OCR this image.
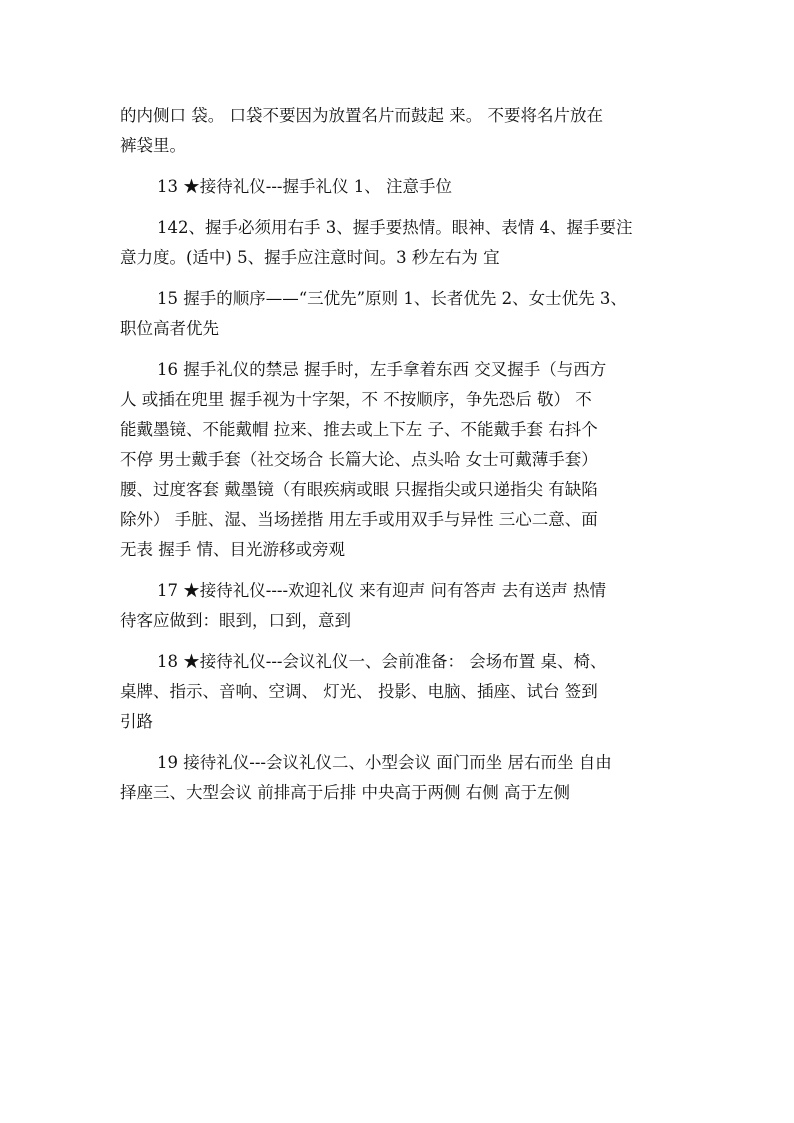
的内侧口 袋。 口袋不要因为放置名片而鼓起 来。 不要将名片放在
裤袋里。
13 ★接待礼仪---握手礼仪 1、 注意手位
142、握手必须用右手 3、握手要热情。眼神、表情 4、握手要注
意力度。(适中) 5、握手应注意时间。3 秒左右为 宜
15 握手的顺序——“三优先”原则 1、长者优先 2、女士优先 3、
职位高者优先
16 握手礼仪的禁忌 握手时，左手拿着东西 交叉握手（与西方
人 或插在兜里 握手视为十字架，不 不按顺序，争先恐后 敬） 不
能戴墨镜、不能戴帽 拉来、推去或上下左 子、不能戴手套 右抖个
不停 男士戴手套（社交场合 长篇大论、点头哈 女士可戴薄手套）
腰、过度客套 戴墨镜（有眼疾病或眼 只握指尖或只递指尖 有缺陷
除外） 手脏、湿、当场搓揩 用左手或用双手与异性 三心二意、面
无表 握手 情、目光游移或旁观
17 ★接待礼仪----欢迎礼仪 来有迎声 问有答声 去有送声 热情
待客应做到：眼到，口到，意到
18 ★接待礼仪---会议礼仪一、会前准备： 会场布置 桌、椅、
桌牌、指示、音响、空调、 灯光、 投影、电脑、插座、试台 签到
引路
19 接待礼仪---会议礼仪二、小型会议 面门而坐 居右而坐 自由
择座三、大型会议 前排高于后排 中央高于两侧 右侧 高于左侧
